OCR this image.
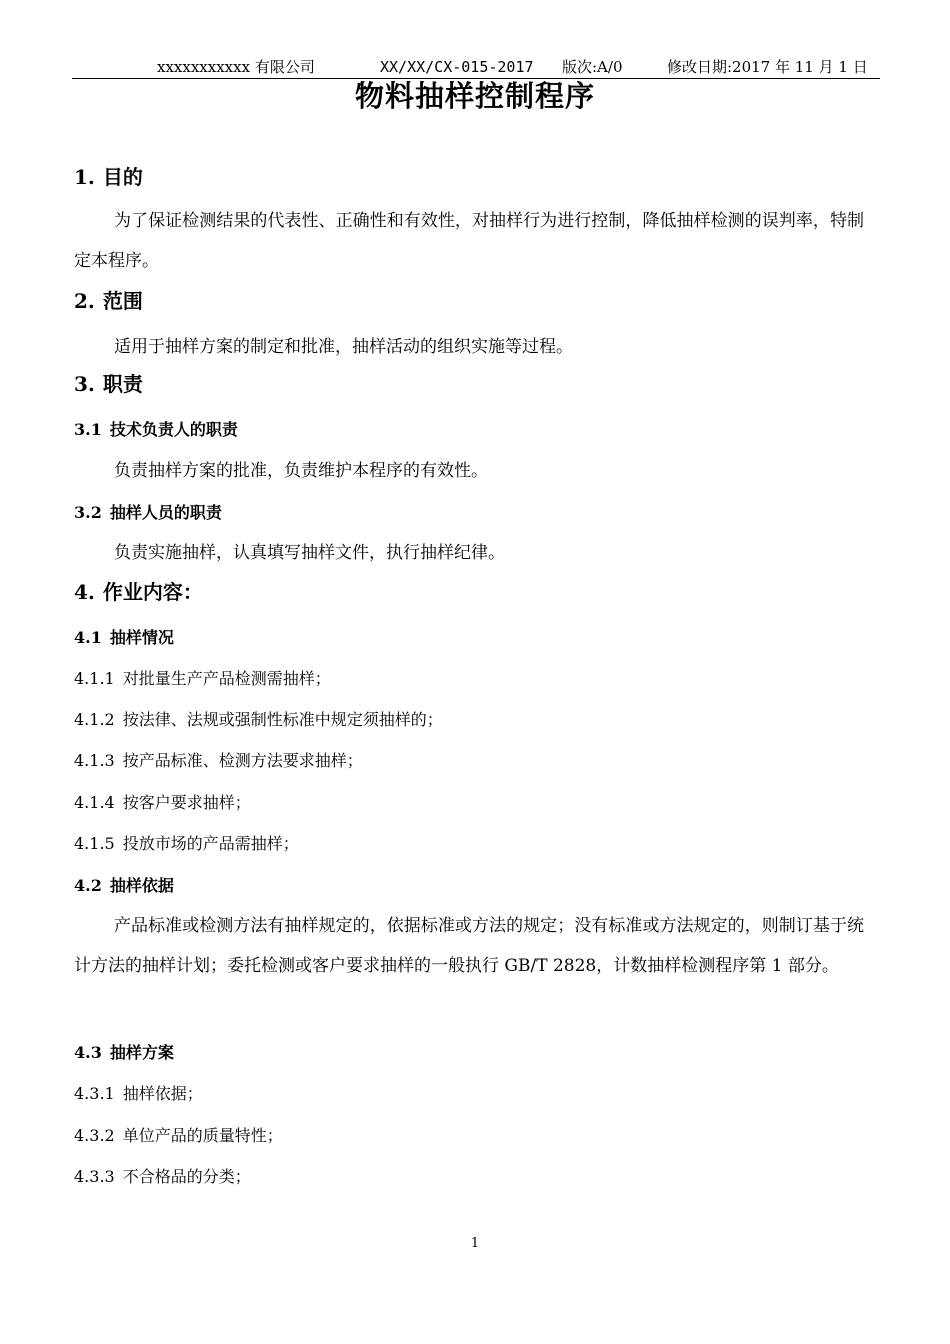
xxxxxxxxxxx 有限公司	XX/XX/CX-015-2017 版次:A/0	修改日期:2017 年 11 月 1 日
物料抽样控制程序
1. 目的
为了保证检测结果的代表性、正确性和有效性，对抽样行为进行控制，降低抽样检测的误判率，特制定本程序。
2. 范围
适用于抽样方案的制定和批准，抽样活动的组织实施等过程。
3. 职责
3.1 技术负责人的职责
负责抽样方案的批准，负责维护本程序的有效性。
3.2 抽样人员的职责
负责实施抽样，认真填写抽样文件，执行抽样纪律。
4. 作业内容：
4.1 抽样情况
4.1.1 对批量生产产品检测需抽样；
4.1.2 按法律、法规或强制性标准中规定须抽样的；
4.1.3 按产品标准、检测方法要求抽样；
4.1.4 按客户要求抽样；
4.1.5 投放市场的产品需抽样；
4.2 抽样依据
产品标准或检测方法有抽样规定的，依据标准或方法的规定；没有标准或方法规定的，则制订基于统计方法的抽样计划；委托检测或客户要求抽样的一般执行 GB/T 2828，计数抽样检测程序第 1 部分。
4.3 抽样方案
4.3.1 抽样依据；
4.3.2 单位产品的质量特性；
4.3.3 不合格品的分类；
1
